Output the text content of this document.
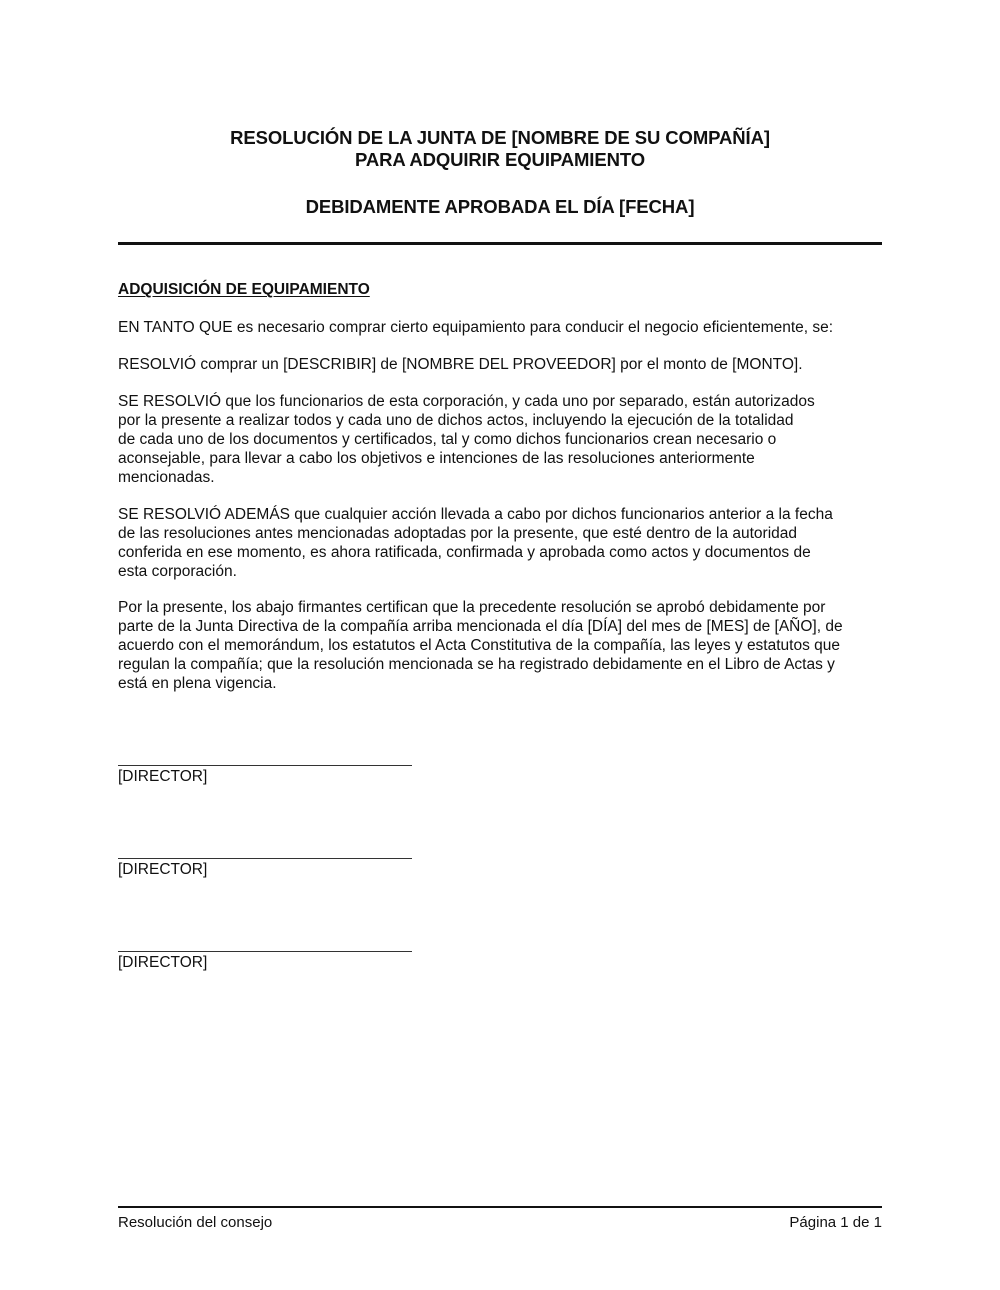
RESOLUCIÓN DE LA JUNTA DE [NOMBRE DE SU COMPAÑÍA]
PARA ADQUIRIR EQUIPAMIENTO
DEBIDAMENTE APROBADA EL DÍA [FECHA]
ADQUISICIÓN DE EQUIPAMIENTO

EN TANTO QUE es necesario comprar cierto equipamiento para conducir el negocio eficientemente, se:

RESOLVIÓ comprar un [DESCRIBIR] de [NOMBRE DEL PROVEEDOR] por el monto de [MONTO].

SE RESOLVIÓ que los funcionarios de esta corporación, y cada uno por separado, están autorizados
por la presente a realizar todos y cada uno de dichos actos, incluyendo la ejecución de la totalidad
de cada uno de los documentos y certificados, tal y como dichos funcionarios crean necesario o
aconsejable, para llevar a cabo los objetivos e intenciones de las resoluciones anteriormente
mencionadas.

SE RESOLVIÓ ADEMÁS que cualquier acción llevada a cabo por dichos funcionarios anterior a la fecha
de las resoluciones antes mencionadas adoptadas por la presente, que esté dentro de la autoridad
conferida en ese momento, es ahora ratificada, confirmada y aprobada como actos y documentos de
esta corporación.

Por la presente, los abajo firmantes certifican que la precedente resolución se aprobó debidamente por
parte de la Junta Directiva de la compañía arriba mencionada el día [DÍA] del mes de [MES] de [AÑO], de
acuerdo con el memorándum, los estatutos el Acta Constitutiva de la compañía, las leyes y estatutos que
regulan la compañía; que la resolución mencionada se ha registrado debidamente en el Libro de Actas y
está en plena vigencia.

[DIRECTOR]
[DIRECTOR]
[DIRECTOR]
Resolución del consejo	Página 1 de 1
